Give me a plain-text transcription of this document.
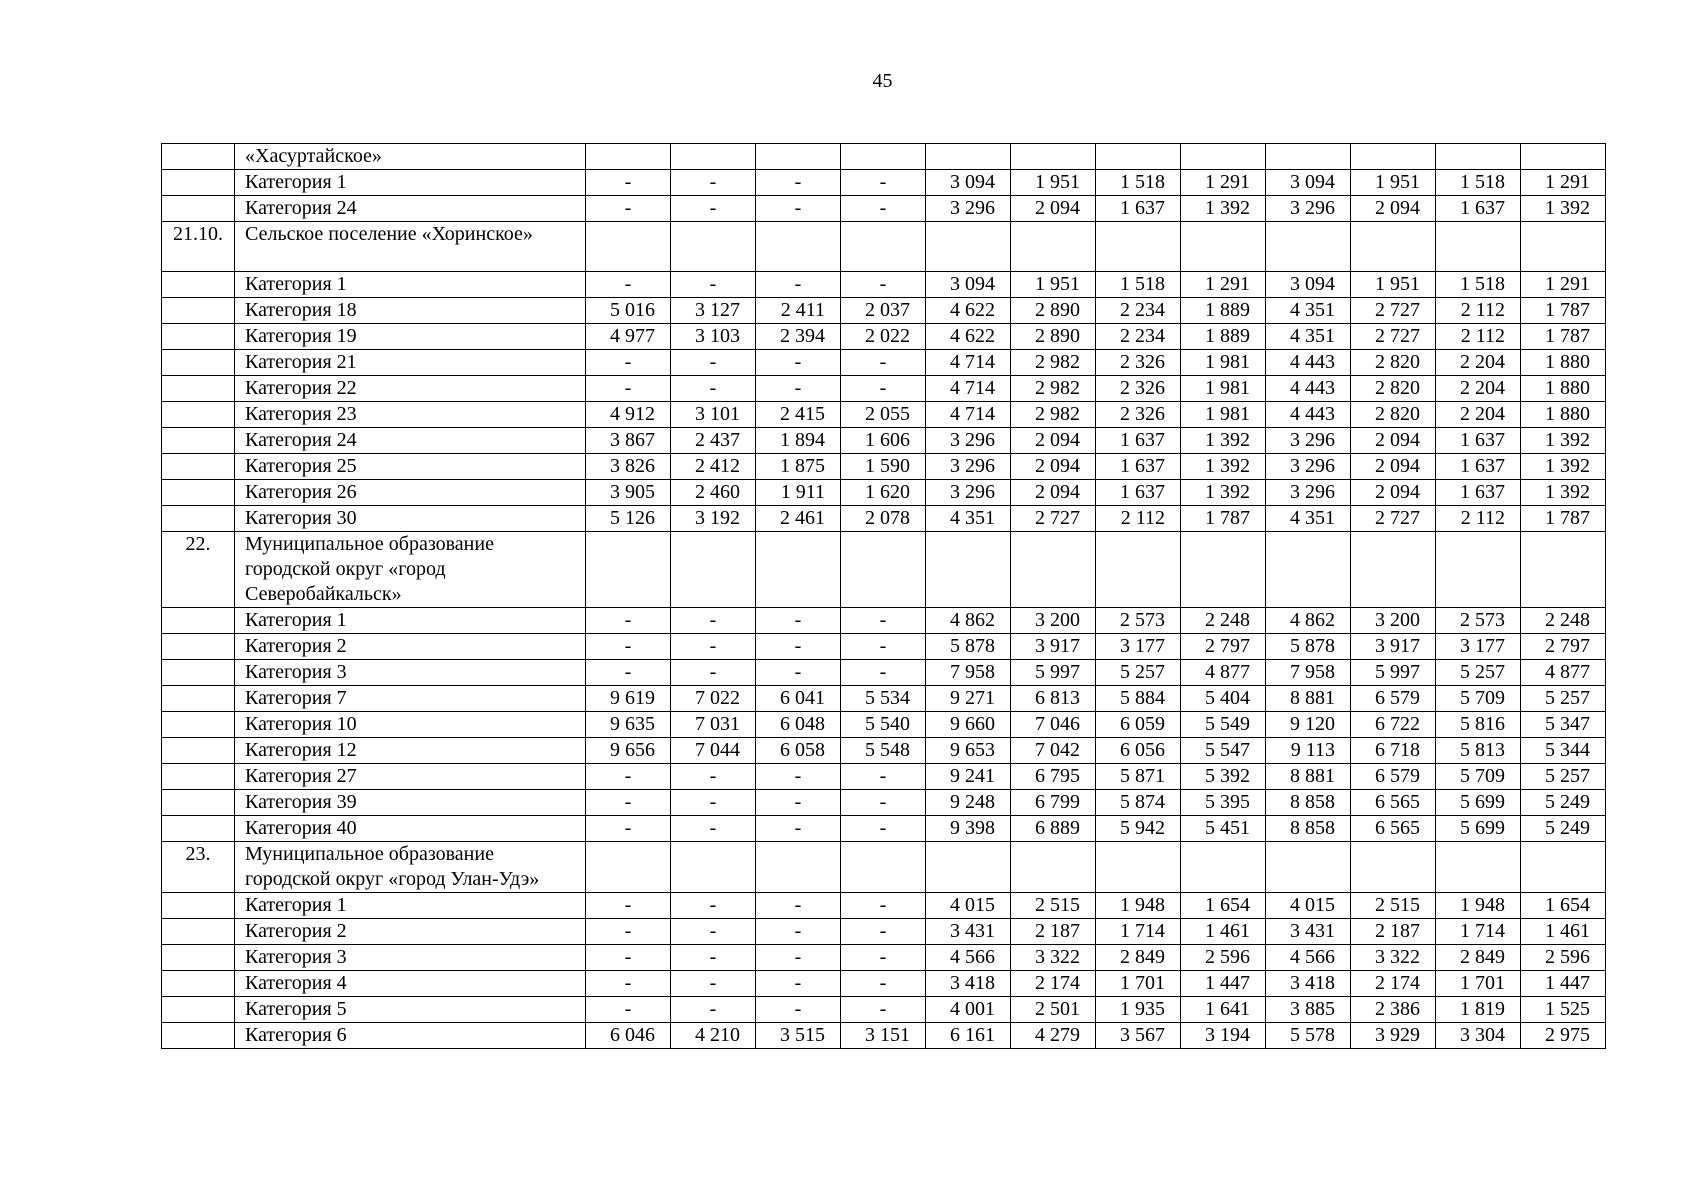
45
	«Хасуртайское»												
	Категория 1	-	-	-	-	3 094	1 951	1 518	1 291	3 094	1 951	1 518	1 291
	Категория 24	-	-	-	-	3 296	2 094	1 637	1 392	3 296	2 094	1 637	1 392
21.10.	Сельское поселение «Хоринское»												
	Категория 1	-	-	-	-	3 094	1 951	1 518	1 291	3 094	1 951	1 518	1 291
	Категория 18	5 016	3 127	2 411	2 037	4 622	2 890	2 234	1 889	4 351	2 727	2 112	1 787
	Категория 19	4 977	3 103	2 394	2 022	4 622	2 890	2 234	1 889	4 351	2 727	2 112	1 787
	Категория 21	-	-	-	-	4 714	2 982	2 326	1 981	4 443	2 820	2 204	1 880
	Категория 22	-	-	-	-	4 714	2 982	2 326	1 981	4 443	2 820	2 204	1 880
	Категория 23	4 912	3 101	2 415	2 055	4 714	2 982	2 326	1 981	4 443	2 820	2 204	1 880
	Категория 24	3 867	2 437	1 894	1 606	3 296	2 094	1 637	1 392	3 296	2 094	1 637	1 392
	Категория 25	3 826	2 412	1 875	1 590	3 296	2 094	1 637	1 392	3 296	2 094	1 637	1 392
	Категория 26	3 905	2 460	1 911	1 620	3 296	2 094	1 637	1 392	3 296	2 094	1 637	1 392
	Категория 30	5 126	3 192	2 461	2 078	4 351	2 727	2 112	1 787	4 351	2 727	2 112	1 787
22.	Муниципальное образование городской округ «город Северобайкальск»												
	Категория 1	-	-	-	-	4 862	3 200	2 573	2 248	4 862	3 200	2 573	2 248
	Категория 2	-	-	-	-	5 878	3 917	3 177	2 797	5 878	3 917	3 177	2 797
	Категория 3	-	-	-	-	7 958	5 997	5 257	4 877	7 958	5 997	5 257	4 877
	Категория 7	9 619	7 022	6 041	5 534	9 271	6 813	5 884	5 404	8 881	6 579	5 709	5 257
	Категория 10	9 635	7 031	6 048	5 540	9 660	7 046	6 059	5 549	9 120	6 722	5 816	5 347
	Категория 12	9 656	7 044	6 058	5 548	9 653	7 042	6 056	5 547	9 113	6 718	5 813	5 344
	Категория 27	-	-	-	-	9 241	6 795	5 871	5 392	8 881	6 579	5 709	5 257
	Категория 39	-	-	-	-	9 248	6 799	5 874	5 395	8 858	6 565	5 699	5 249
	Категория 40	-	-	-	-	9 398	6 889	5 942	5 451	8 858	6 565	5 699	5 249
23.	Муниципальное образование городской округ «город Улан-Удэ»												
	Категория 1	-	-	-	-	4 015	2 515	1 948	1 654	4 015	2 515	1 948	1 654
	Категория 2	-	-	-	-	3 431	2 187	1 714	1 461	3 431	2 187	1 714	1 461
	Категория 3	-	-	-	-	4 566	3 322	2 849	2 596	4 566	3 322	2 849	2 596
	Категория 4	-	-	-	-	3 418	2 174	1 701	1 447	3 418	2 174	1 701	1 447
	Категория 5	-	-	-	-	4 001	2 501	1 935	1 641	3 885	2 386	1 819	1 525
	Категория 6	6 046	4 210	3 515	3 151	6 161	4 279	3 567	3 194	5 578	3 929	3 304	2 975
